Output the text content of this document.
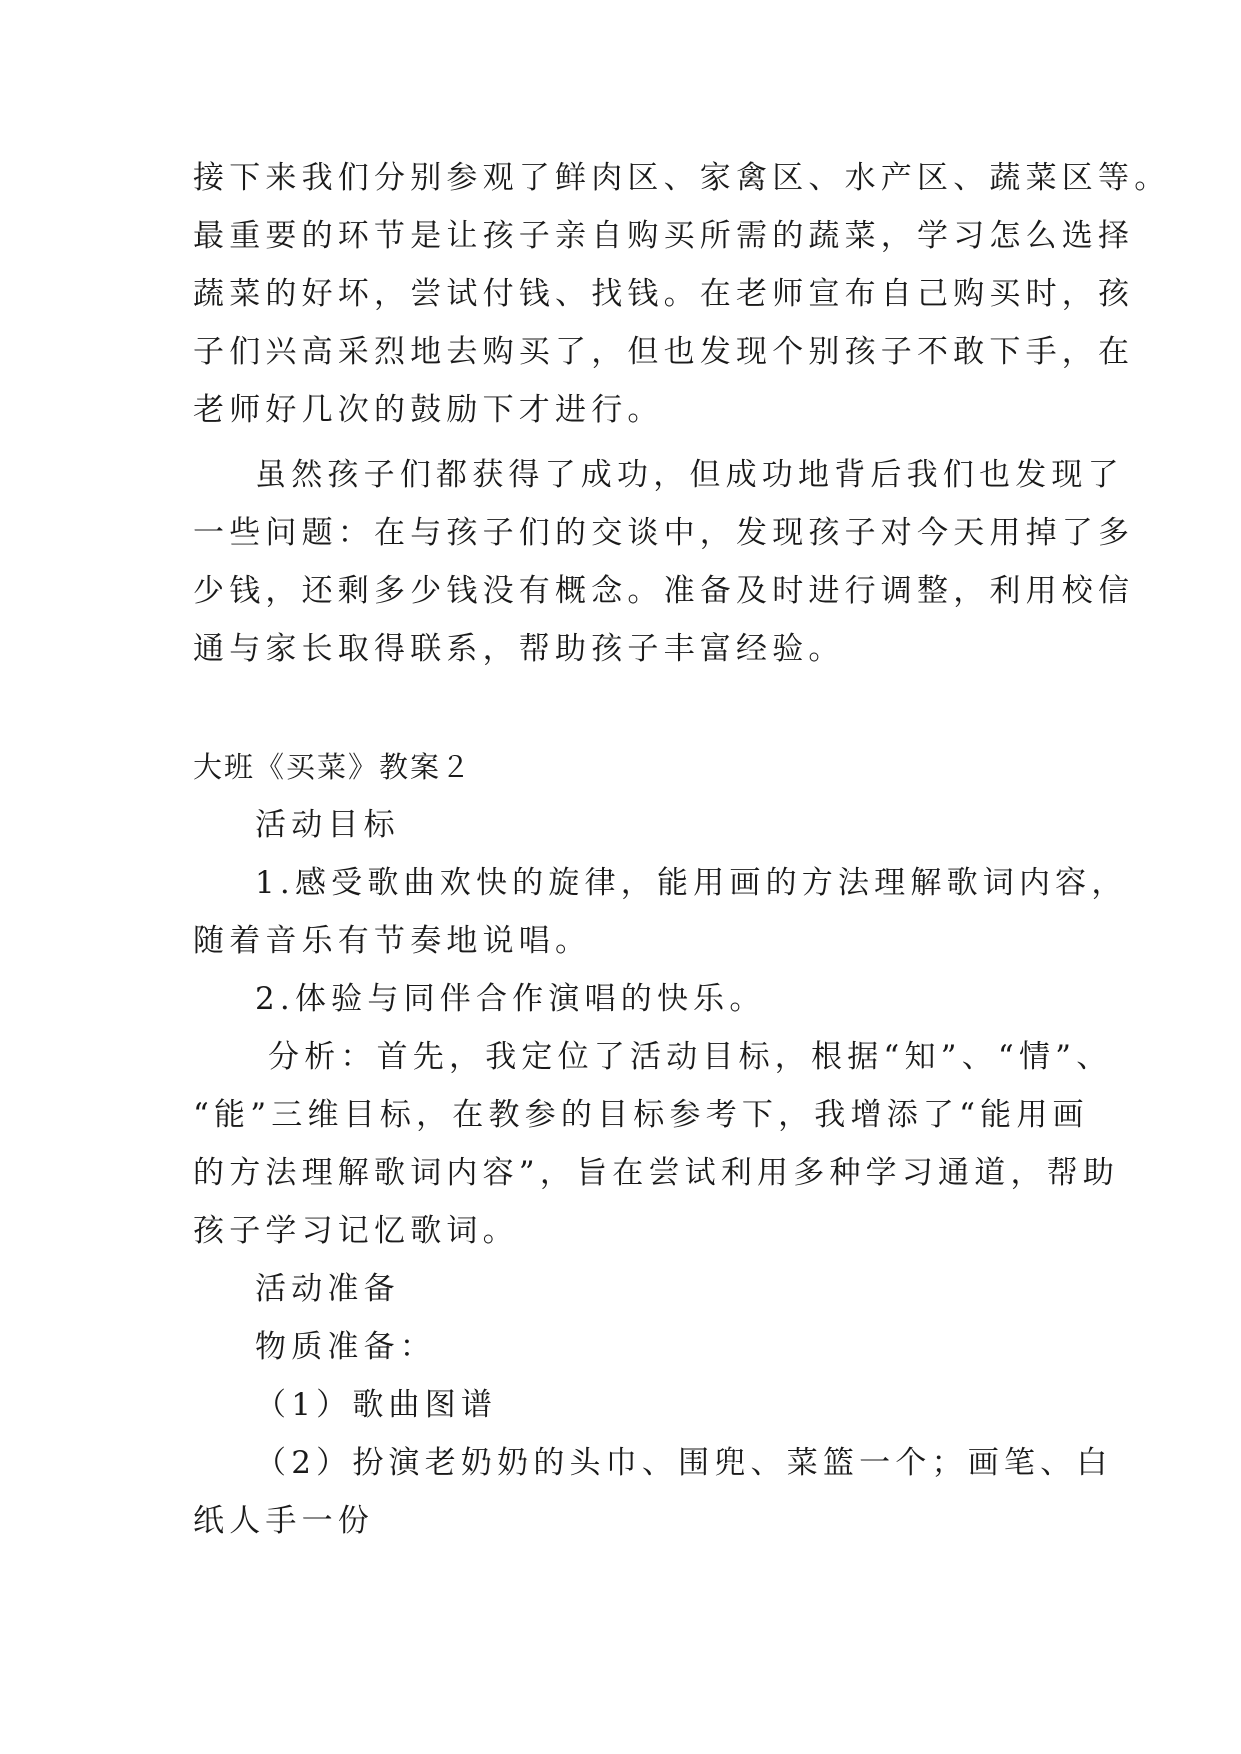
接下来我们分别参观了鲜肉区、家禽区、水产区、蔬菜区等。
最重要的环节是让孩子亲自购买所需的蔬菜，学习怎么选择
蔬菜的好坏，尝试付钱、找钱。在老师宣布自己购买时，孩
子们兴高采烈地去购买了，但也发现个别孩子不敢下手，在
老师好几次的鼓励下才进行。
虽然孩子们都获得了成功，但成功地背后我们也发现了
一些问题：在与孩子们的交谈中，发现孩子对今天用掉了多
少钱，还剩多少钱没有概念。准备及时进行调整，利用校信
通与家长取得联系，帮助孩子丰富经验。
大班《买菜》教案２
活动目标
1.感受歌曲欢快的旋律，能用画的方法理解歌词内容，
随着音乐有节奏地说唱。
2.体验与同伴合作演唱的快乐。
分析：首先，我定位了活动目标，根据“知”、“情”、
“能”三维目标，在教参的目标参考下，我增添了“能用画
的方法理解歌词内容”，旨在尝试利用多种学习通道，帮助
孩子学习记忆歌词。
活动准备
物质准备：
（1）歌曲图谱
（2）扮演老奶奶的头巾、围兜、菜篮一个；画笔、白
纸人手一份
